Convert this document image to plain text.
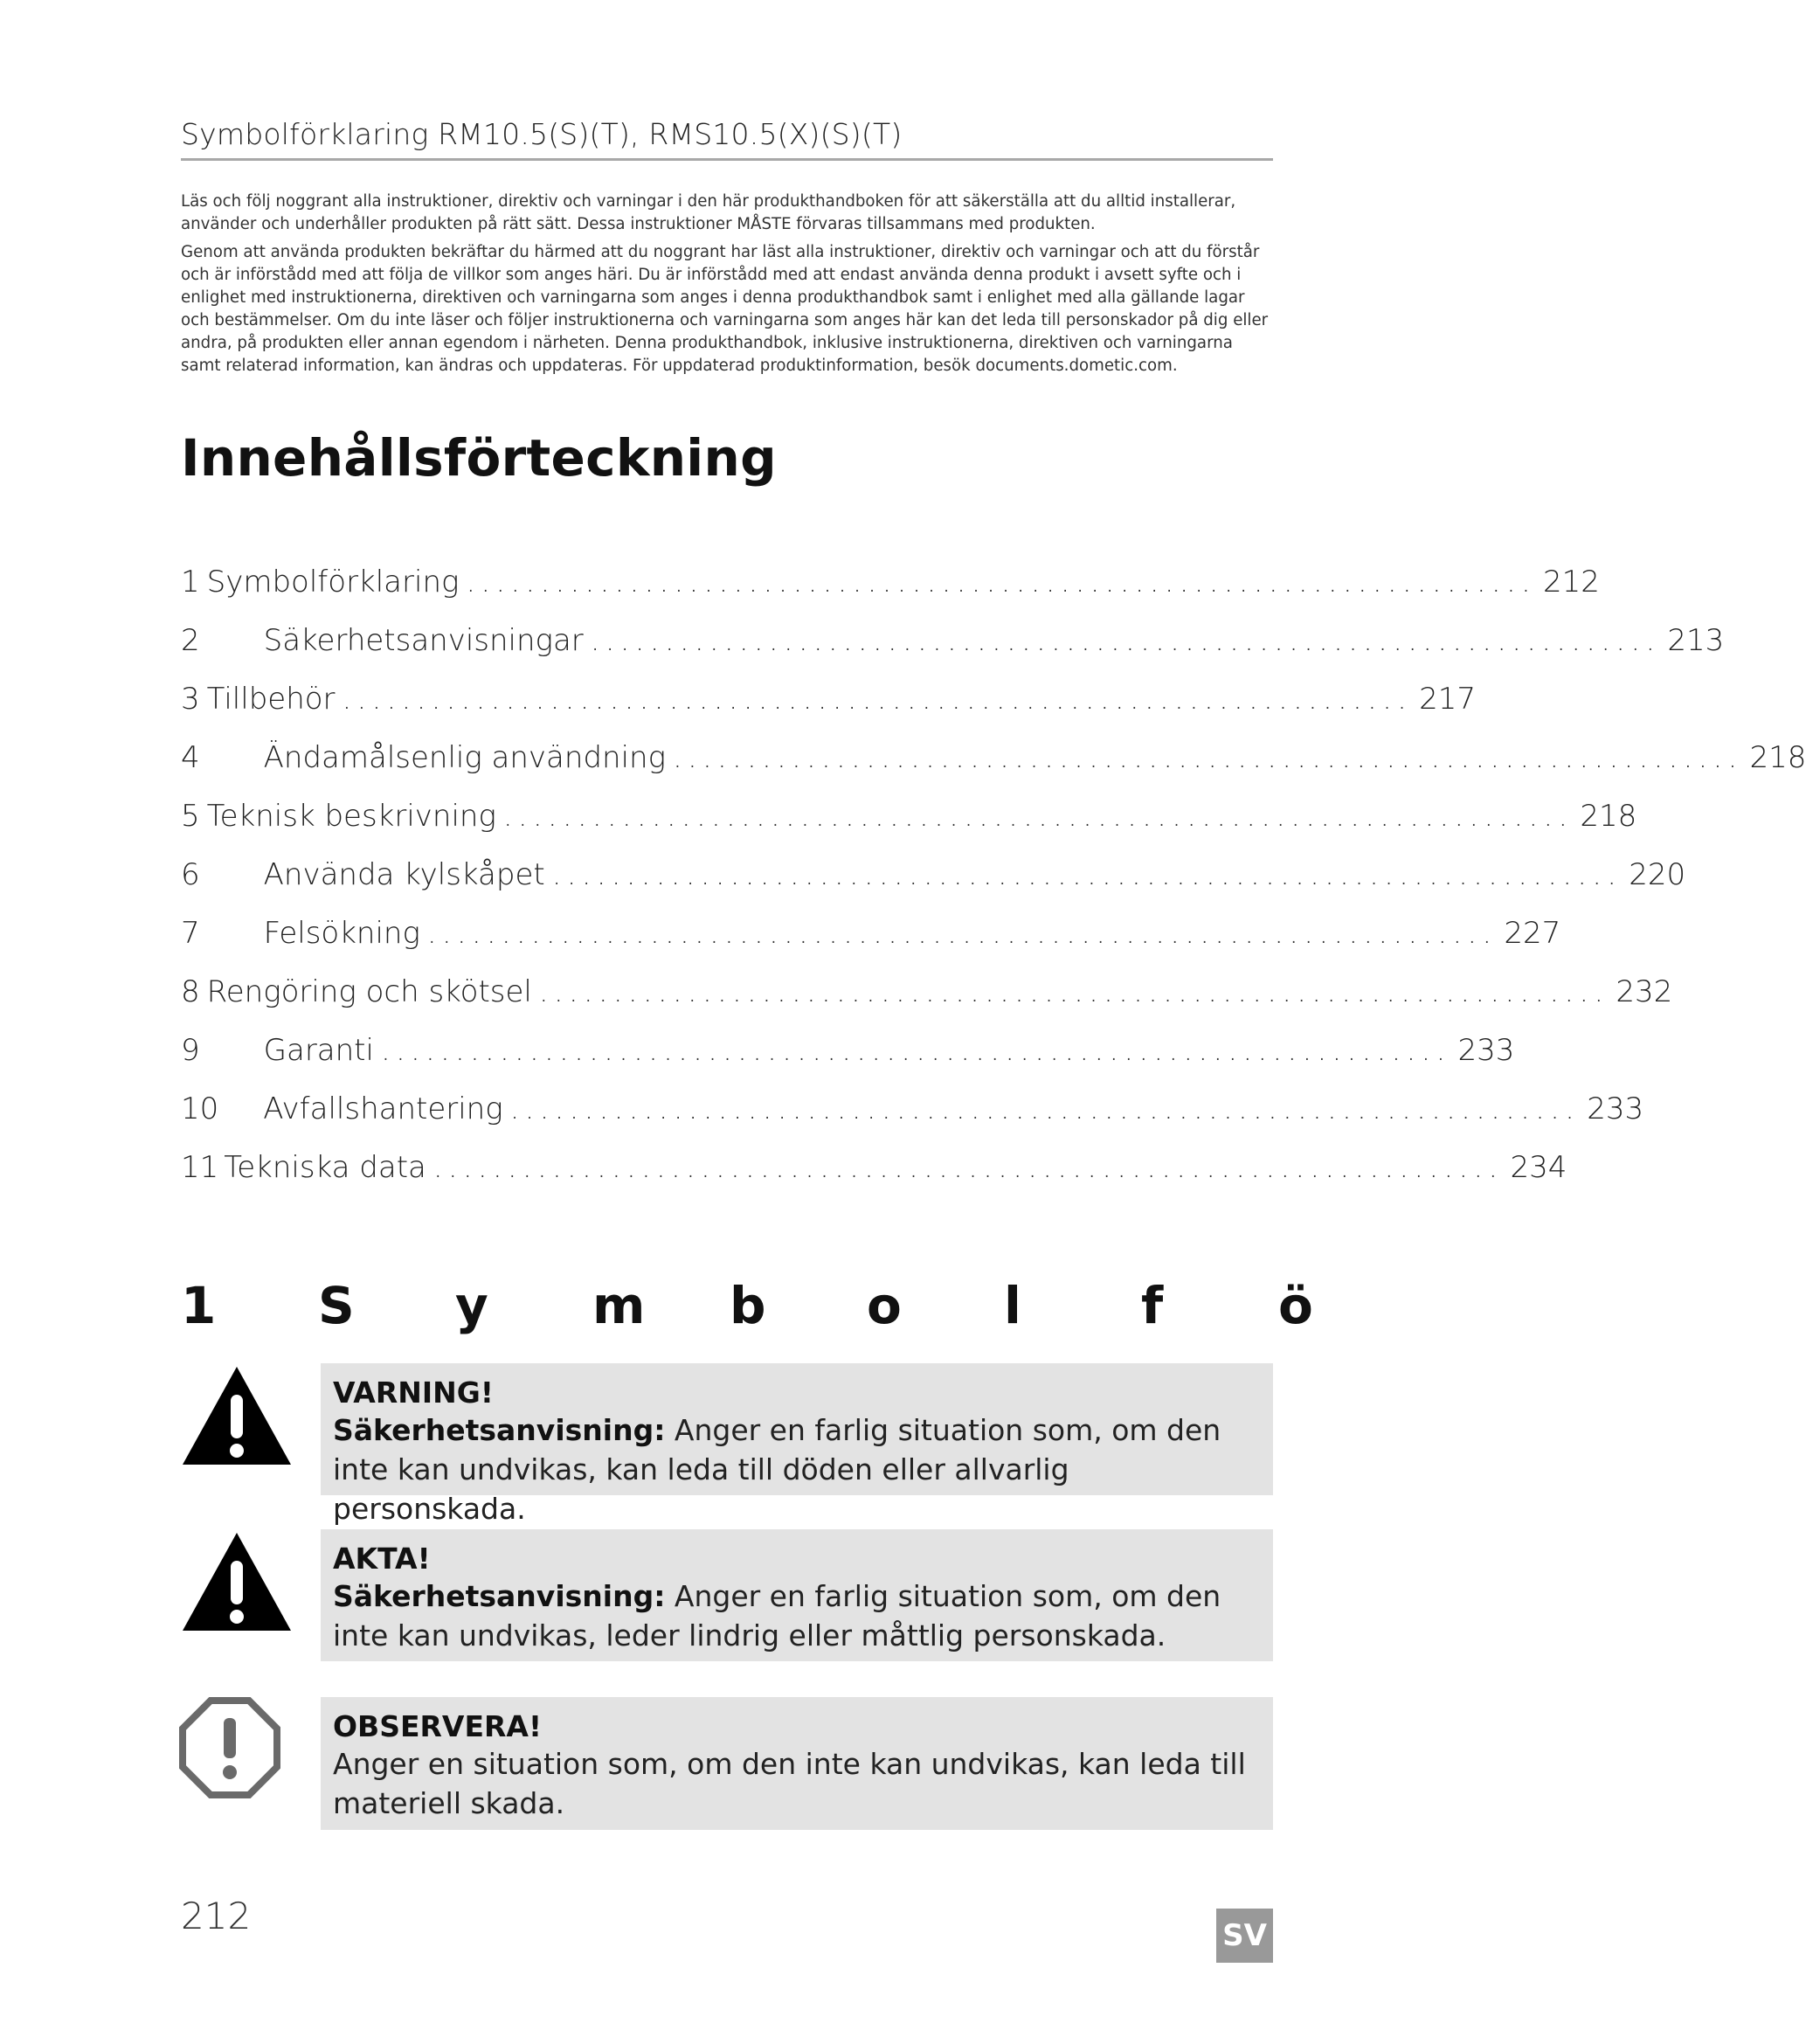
Symbolförklaring RM10.5(S)(T), RMS10.5(X)(S)(T)

Läs och följ noggrant alla instruktioner, direktiv och varningar i den här produkthandboken för att säkerställa att du alltid installerar, använder och underhåller produkten på rätt sätt. Dessa instruktioner MÅSTE förvaras tillsammans med produkten.

Genom att använda produkten bekräftar du härmed att du noggrant har läst alla instruktioner, direktiv och varningar och att du förstår och är införstådd med att följa de villkor som anges häri. Du är införstådd med att endast använda denna produkt i avsett syfte och i enlighet med instruktionerna, direktiven och varningarna som anges i denna produkthandbok samt i enlighet med alla gällande lagar och bestämmelser. Om du inte läser och följer instruktionerna och varningarna som anges här kan det leda till personskador på dig eller andra, på produkten eller annan egendom i närheten. Denna produkthandbok, inklusive instruktionerna, direktiven och varningarna samt relaterad information, kan ändras och uppdateras. För uppdaterad produktinformation, besök documents.dometic.com.

Innehållsförteckning
1 Symbolförklaring ........................................................................ 212
2 Säkerhetsanvisningar ........................................................................ 213
3 Tillbehör ........................................................................ 217
4 Ändamålsenlig användning ........................................................................ 218
5 Teknisk beskrivning ........................................................................ 218
6 Använda kylskåpet ........................................................................ 220
7 Felsökning ........................................................................ 227
8 Rengöring och skötsel ........................................................................ 232
9 Garanti ........................................................................ 233
10 Avfallshantering ........................................................................ 233
11 Tekniska data ........................................................................ 234
1	S	y	m	b	o	l	f	ö
VARNING!
Säkerhetsanvisning: Anger en farlig situation som, om den inte kan undvikas, kan leda till döden eller allvarlig personskada.
AKTA!
Säkerhetsanvisning: Anger en farlig situation som, om den inte kan undvikas, leder lindrig eller måttlig personskada.
OBSERVERA!
Anger en situation som, om den inte kan undvikas, kan leda till materiell skada.
212	SV
